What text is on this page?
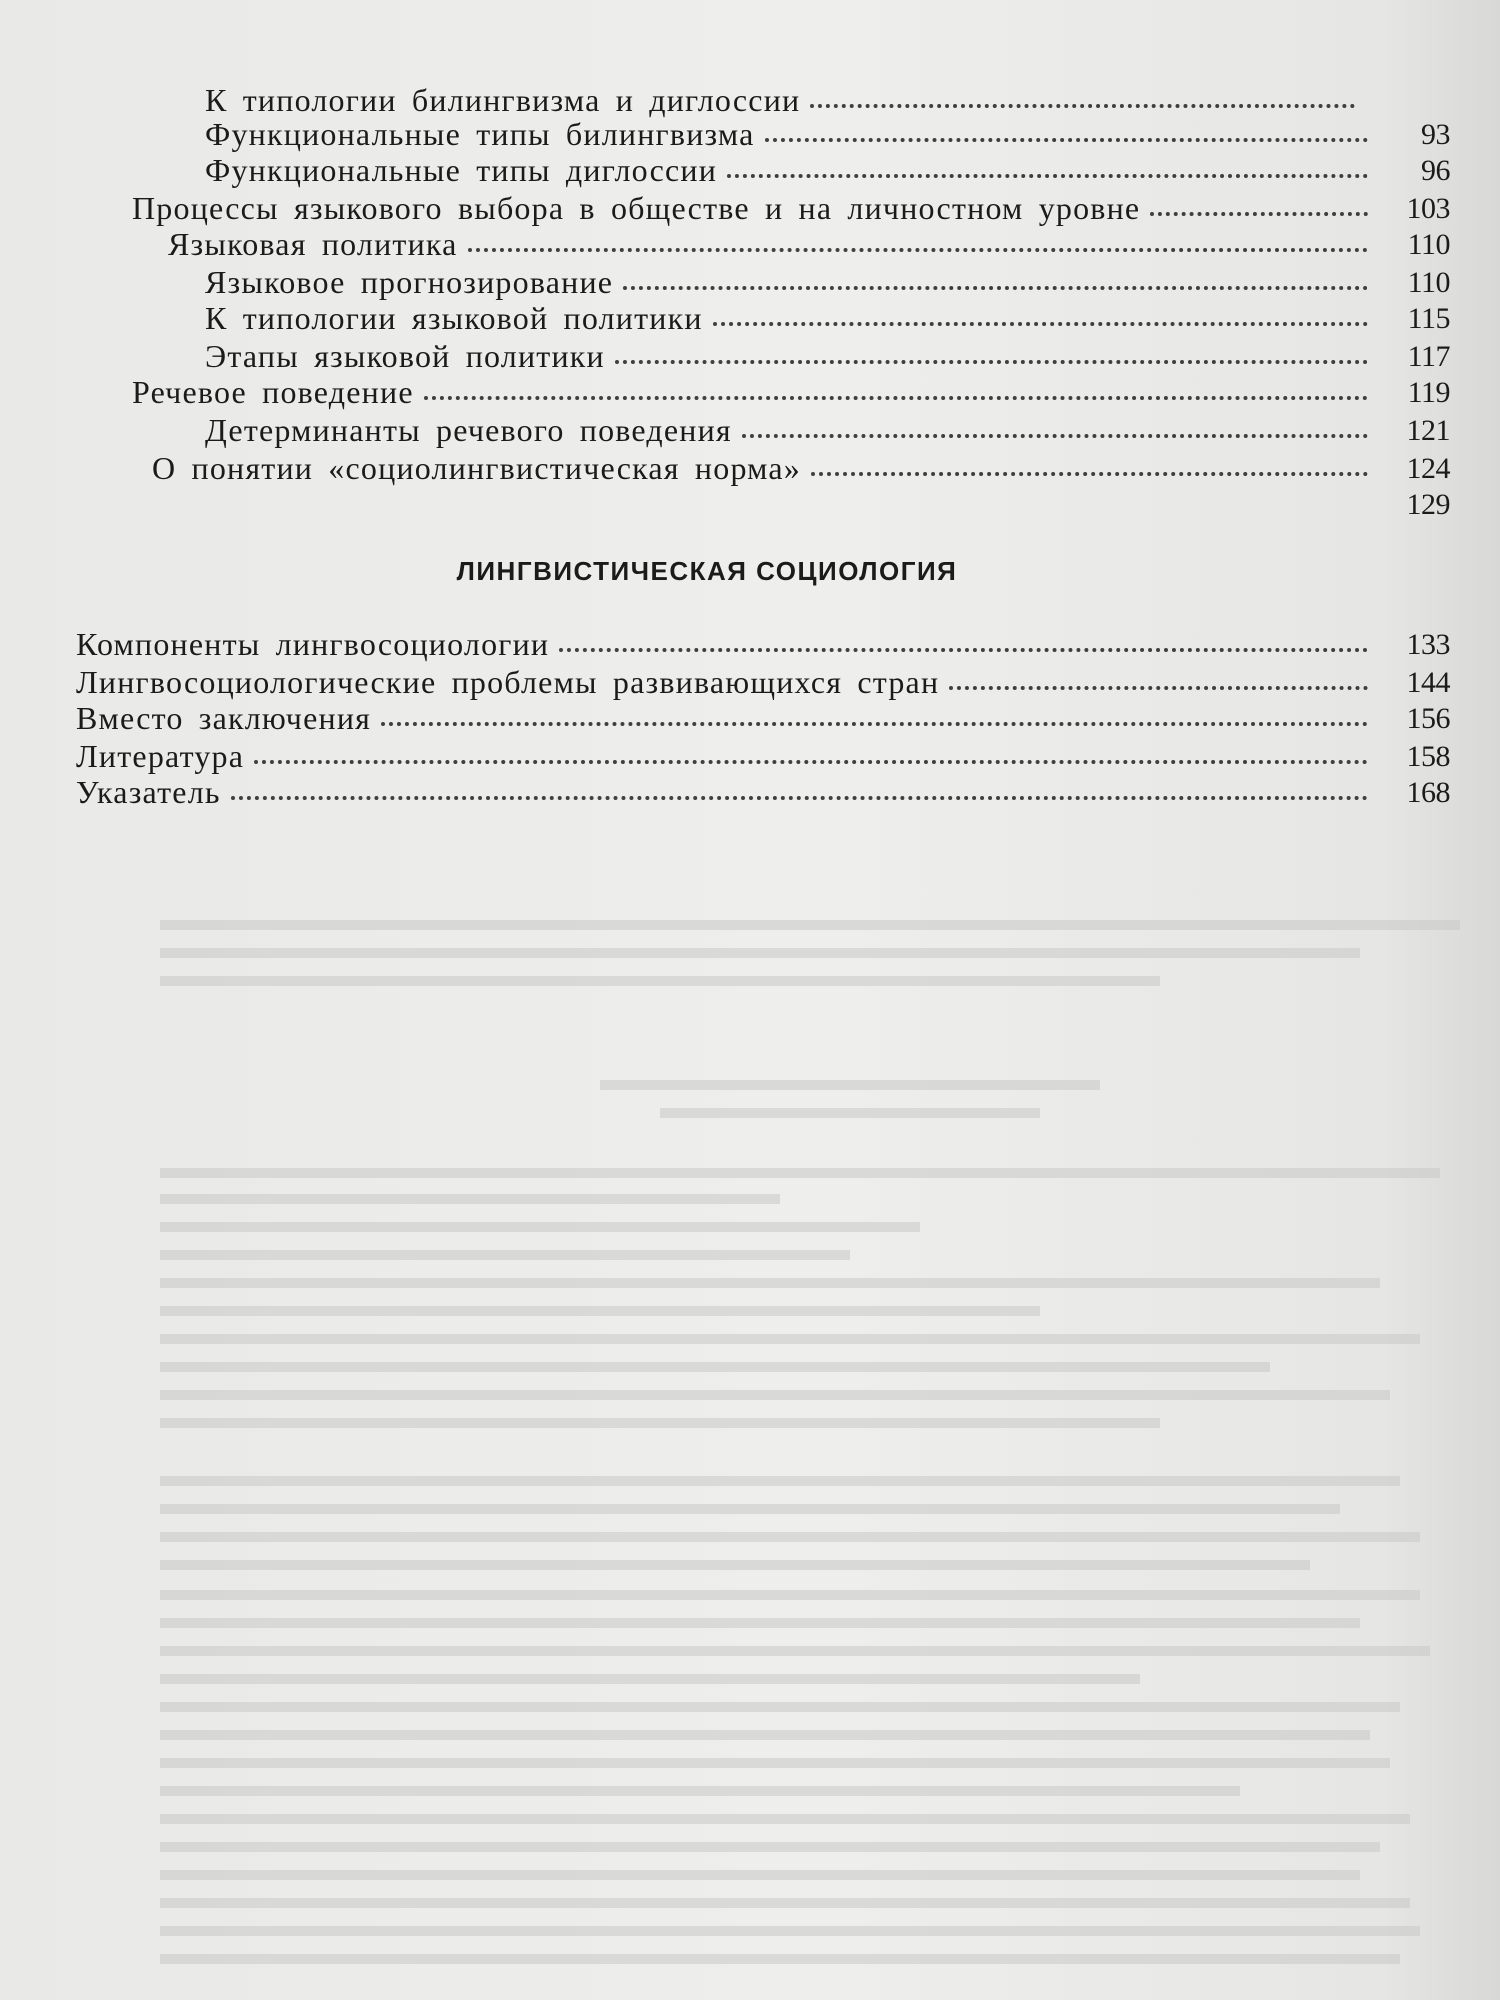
К типологии билингвизма и диглоссии
Функциональные типы билингвизма	93
Функциональные типы диглоссии	96
Процессы языкового выбора в обществе и на личностном уровне	103
Языковая политика	110
Языковое прогнозирование	110
К типологии языковой политики	115
Этапы языковой политики	117
Речевое поведение	119
Детерминанты речевого поведения	121
О понятии «социолингвистическая норма»	124
129
ЛИНГВИСТИЧЕСКАЯ СОЦИОЛОГИЯ
Компоненты лингвосоциологии	133
Лингвосоциологические проблемы развивающихся стран	144
Вместо заключения	156
Литература	158
Указатель	168
